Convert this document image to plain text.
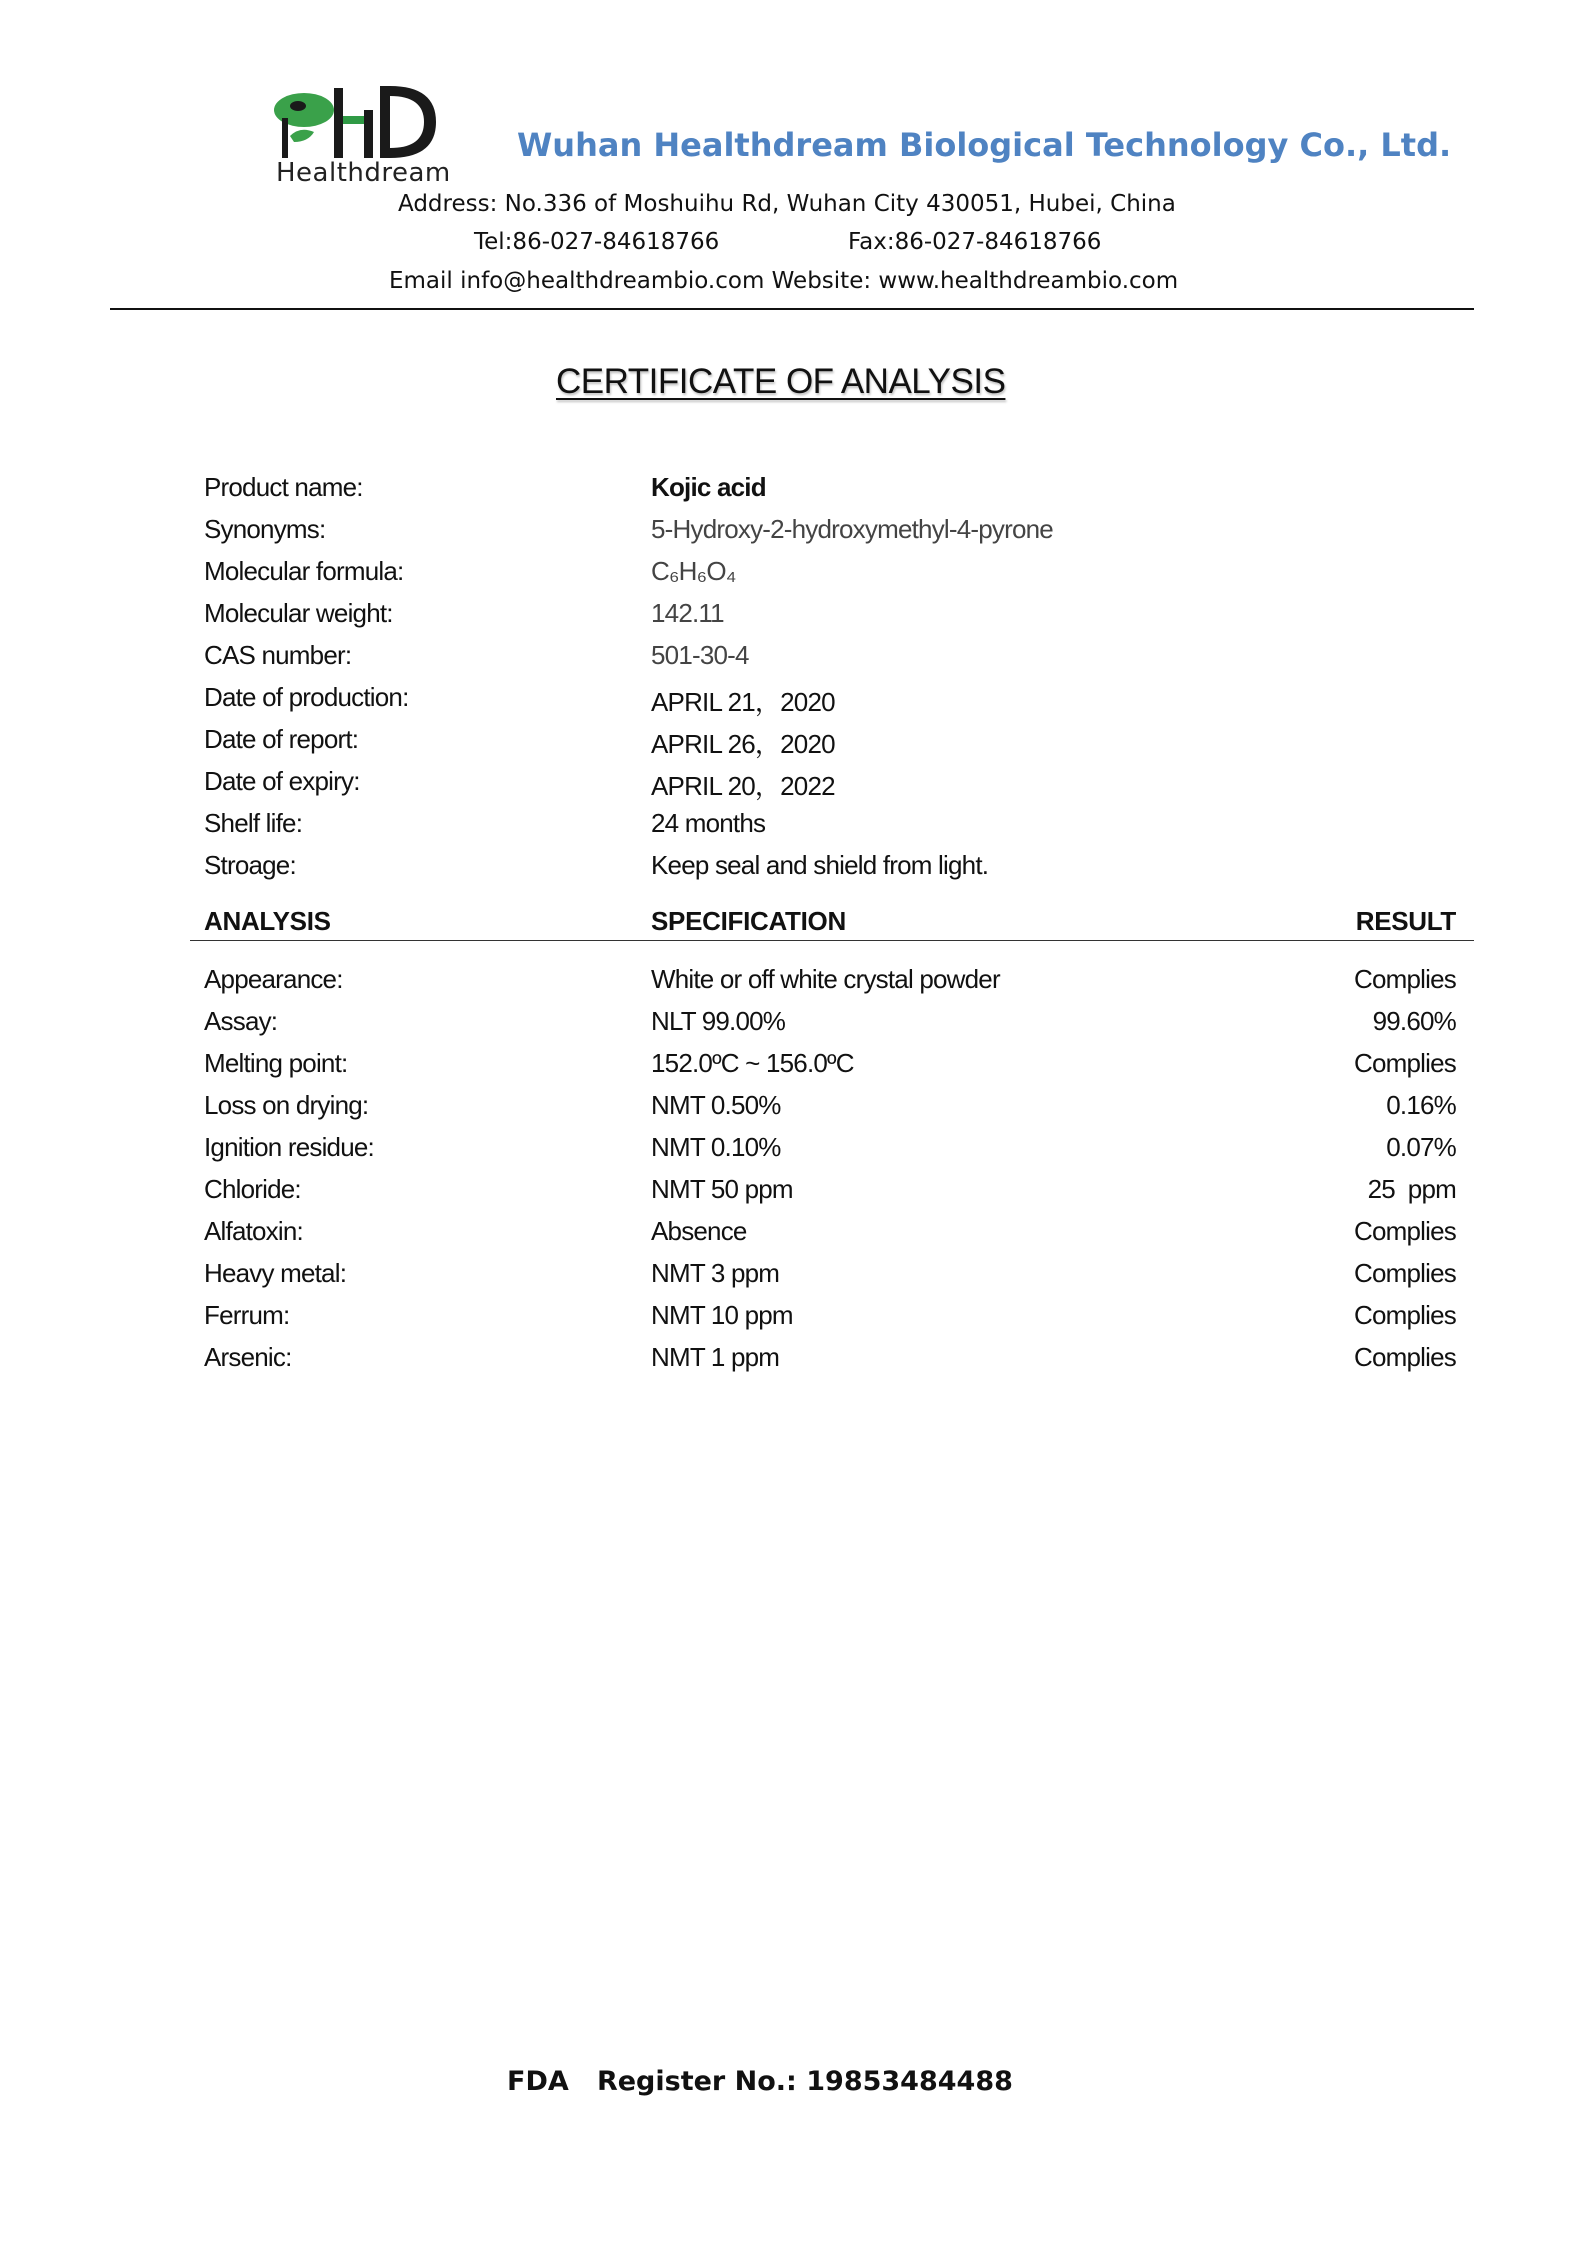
Healthdream
Wuhan Healthdream Biological Technology Co., Ltd.
Address: No.336 of Moshuihu Rd, Wuhan City 430051, Hubei, China
Tel:86-027-84618766	Fax:86-027-84618766
Email info@healthdreambio.com Website: www.healthdreambio.com
CERTIFICATE OF ANALYSIS
Product name:	Kojic acid
Synonyms:	5-Hydroxy-2-hydroxymethyl-4-pyrone
Molecular formula:	C₆H₆O₄
Molecular weight:	142.11
CAS number:	501-30-4
Date of production:	APRIL 21，2020
Date of report:	APRIL 26，2020
Date of expiry:	APRIL 20，2022
Shelf life:	24 months
Stroage:	Keep seal and shield from light.
ANALYSIS	SPECIFICATION	RESULT
Appearance:	White or off white crystal powder	Complies
Assay:	NLT 99.00%	99.60%
Melting point:	152.0ºC ~ 156.0ºC	Complies
Loss on drying:	NMT 0.50%	0.16%
Ignition residue:	NMT 0.10%	0.07%
Chloride:	NMT 50 ppm	25  ppm
Alfatoxin:	Absence	Complies
Heavy metal:	NMT 3 ppm	Complies
Ferrum:	NMT 10 ppm	Complies
Arsenic:	NMT 1 ppm	Complies
FDA   Register No.: 19853484488
